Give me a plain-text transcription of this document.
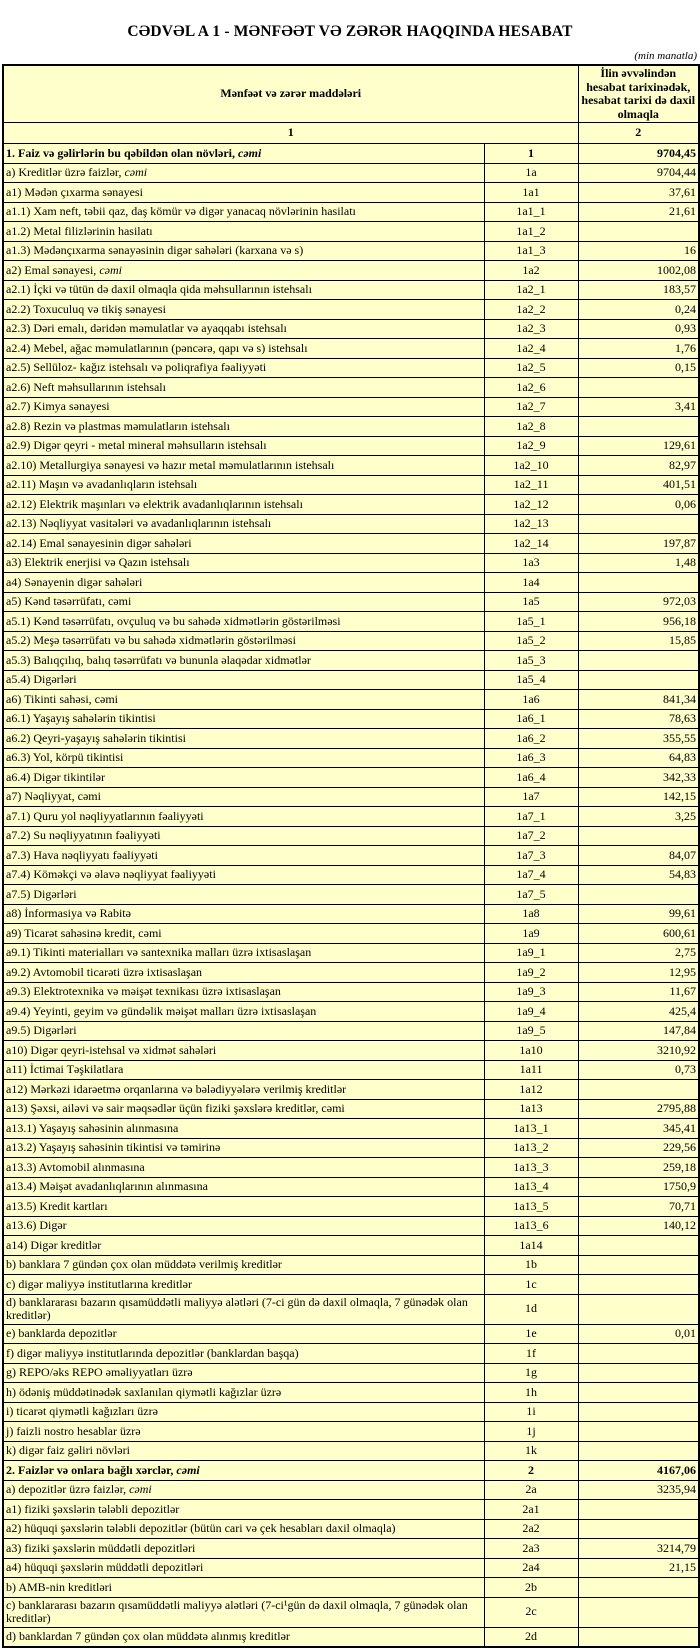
CƏDVƏL A 1 - MƏNFƏƏT VƏ ZƏRƏR HAQQINDA HESABAT
(min manatla)
Mənfəət və zərər maddələri		İlin əvvəlindən hesabat tarixinədək, hesabat tarixi də daxil olmaqla
1		2
1. Faiz və gəlirlərin bu qəbildən olan növləri, cəmi	1	9704,45
a) Kreditlər üzrə faizlər, cəmi	1a	9704,44
a1) Mədən çıxarma sənayesi	1a1	37,61
a1.1) Xam neft, təbii qaz, daş kömür və digər yanacaq növlərinin hasilatı	1a1_1	21,61
a1.2) Metal filizlərinin hasilatı	1a1_2	
a1.3) Mədənçıxarma sənayəsinin digər sahələri (karxana və s)	1a1_3	16
a2) Emal sənayesi, cəmi	1a2	1002,08
a2.1) İçki və tütün də daxil olmaqla qida məhsullarının istehsalı	1a2_1	183,57
a2.2) Toxuculuq və tikiş sənayesi	1a2_2	0,24
a2.3) Dəri emalı, dəridən məmulatlar və ayaqqabı istehsalı	1a2_3	0,93
a2.4) Mebel, ağac məmulatlarının (pəncərə, qapı və s) istehsalı	1a2_4	1,76
a2.5) Sellüloz- kağız istehsalı və poliqrafiya fəaliyyəti	1a2_5	0,15
a2.6) Neft məhsullarının istehsalı	1a2_6	
a2.7) Kimya sənayesi	1a2_7	3,41
a2.8) Rezin və plastmas məmulatların istehsalı	1a2_8	
a2.9) Digər qeyri - metal mineral məhsulların istehsalı	1a2_9	129,61
a2.10) Metallurgiya sənayesi və hazır metal məmulatlarının istehsalı	1a2_10	82,97
a2.11) Maşın və avadanlıqların istehsalı	1a2_11	401,51
a2.12) Elektrik maşınları və elektrik avadanlıqlarının istehsalı	1a2_12	0,06
a2.13) Nəqliyyat vasitələri və avadanlıqlarının istehsalı	1a2_13	
a2.14) Emal sənayesinin digər sahələri	1a2_14	197,87
a3) Elektrik enerjisi və Qazın istehsalı	1a3	1,48
a4) Sənayenin digər sahələri	1a4	
a5) Kənd təsərrüfatı, cəmi	1a5	972,03
a5.1) Kənd təsərrüfatı, ovçuluq və bu sahədə xidmətlərin göstərilməsi	1a5_1	956,18
a5.2) Meşə təsərrüfatı və bu sahədə xidmətlərin göstərilməsi	1a5_2	15,85
a5.3) Balıqçılıq, balıq təsərrüfatı və bununla əlaqədar xidmətlər	1a5_3	
a5.4) Digərləri	1a5_4	
a6) Tikinti sahəsi, cəmi	1a6	841,34
a6.1) Yaşayış sahələrin tikintisi	1a6_1	78,63
a6.2) Qeyri-yaşayış sahələrin tikintisi	1a6_2	355,55
a6.3) Yol, körpü tikintisi	1a6_3	64,83
a6.4) Digər tikintilər	1a6_4	342,33
a7) Nəqliyyat, cəmi	1a7	142,15
a7.1) Quru yol nəqliyyatlarının fəaliyyəti	1a7_1	3,25
a7.2) Su nəqliyyatının fəaliyyəti	1a7_2	
a7.3) Hava nəqliyyatı fəaliyyəti	1a7_3	84,07
a7.4) Köməkçi və əlavə nəqliyyat fəaliyyəti	1a7_4	54,83
a7.5) Digərləri	1a7_5	
a8) İnformasiya və Rabitə	1a8	99,61
a9) Ticarət sahəsinə kredit, cəmi	1a9	600,61
a9.1) Tikinti materialları və santexnika malları üzrə ixtisaslaşan	1a9_1	2,75
a9.2) Avtomobil ticarəti üzrə ixtisaslaşan	1a9_2	12,95
a9.3) Elektrotexnika və məişət texnikası üzrə ixtisaslaşan	1a9_3	11,67
a9.4) Yeyinti, geyim və gündəlik məişət malları üzrə ixtisaslaşan	1a9_4	425,4
a9.5) Digərləri	1a9_5	147,84
a10) Digər qeyri-istehsal və xidmət sahələri	1a10	3210,92
a11) İctimai Təşkilatlara	1a11	0,73
a12) Mərkəzi idarəetmə orqanlarına və bələdiyyələrə verilmiş kreditlər	1a12	
a13) Şəxsi, ailəvi və sair məqsədlər üçün fiziki şəxslərə kreditlər, cəmi	1a13	2795,88
a13.1) Yaşayış sahəsinin alınmasına	1a13_1	345,41
a13.2) Yaşayış sahəsinin tikintisi və təmirinə	1a13_2	229,56
a13.3) Avtomobil alınmasına	1a13_3	259,18
a13.4) Məişət avadanlıqlarının alınmasına	1a13_4	1750,9
a13.5) Kredit kartları	1a13_5	70,71
a13.6) Digər	1a13_6	140,12
a14) Digər kreditlər	1a14	
b) banklara 7 gündən çox olan müddətə verilmiş kreditlər	1b	
c) digər maliyyə institutlarına kreditlər	1c	
d) banklararası bazarın qısamüddətli maliyyə alətləri (7-ci gün də daxil olmaqla, 7 günədək olan kreditlər)	1d	
e) banklarda depozitlər	1e	0,01
f) digər maliyyə institutlarında depozitlər (banklardan başqa)	1f	
g) REPO/əks REPO əməliyyatları üzrə	1g	
h) ödəniş müddətinədək saxlanılan qiymətli kağızlar üzrə	1h	
i) ticarət qiymətli kağızları üzrə	1i	
j) faizli nostro hesablar üzrə	1j	
k) digər faiz gəliri növləri	1k	
2. Faizlər və onlara bağlı xərclər, cəmi	2	4167,06
a) depozitlər üzrə faizlər, cəmi	2a	3235,94
a1) fiziki şəxslərin tələbli depozitlər	2a1	
a2) hüquqi şəxslərin tələbli depozitlər (bütün cari və çek hesabları daxil olmaqla)	2a2	
a3) fiziki şəxslərin müddətli depozitləri	2a3	3214,79
a4) hüquqi şəxslərin müddətli depozitləri	2a4	21,15
b) AMB-nin kreditləri	2b	
c) banklararası bazarın qısamüddətli maliyyə alətləri (7-ci¹gün də daxil olmaqla, 7 günədək olan kreditlər)	2c	
d) banklardan 7 gündən çox olan müddətə alınmış kreditlər	2d	
